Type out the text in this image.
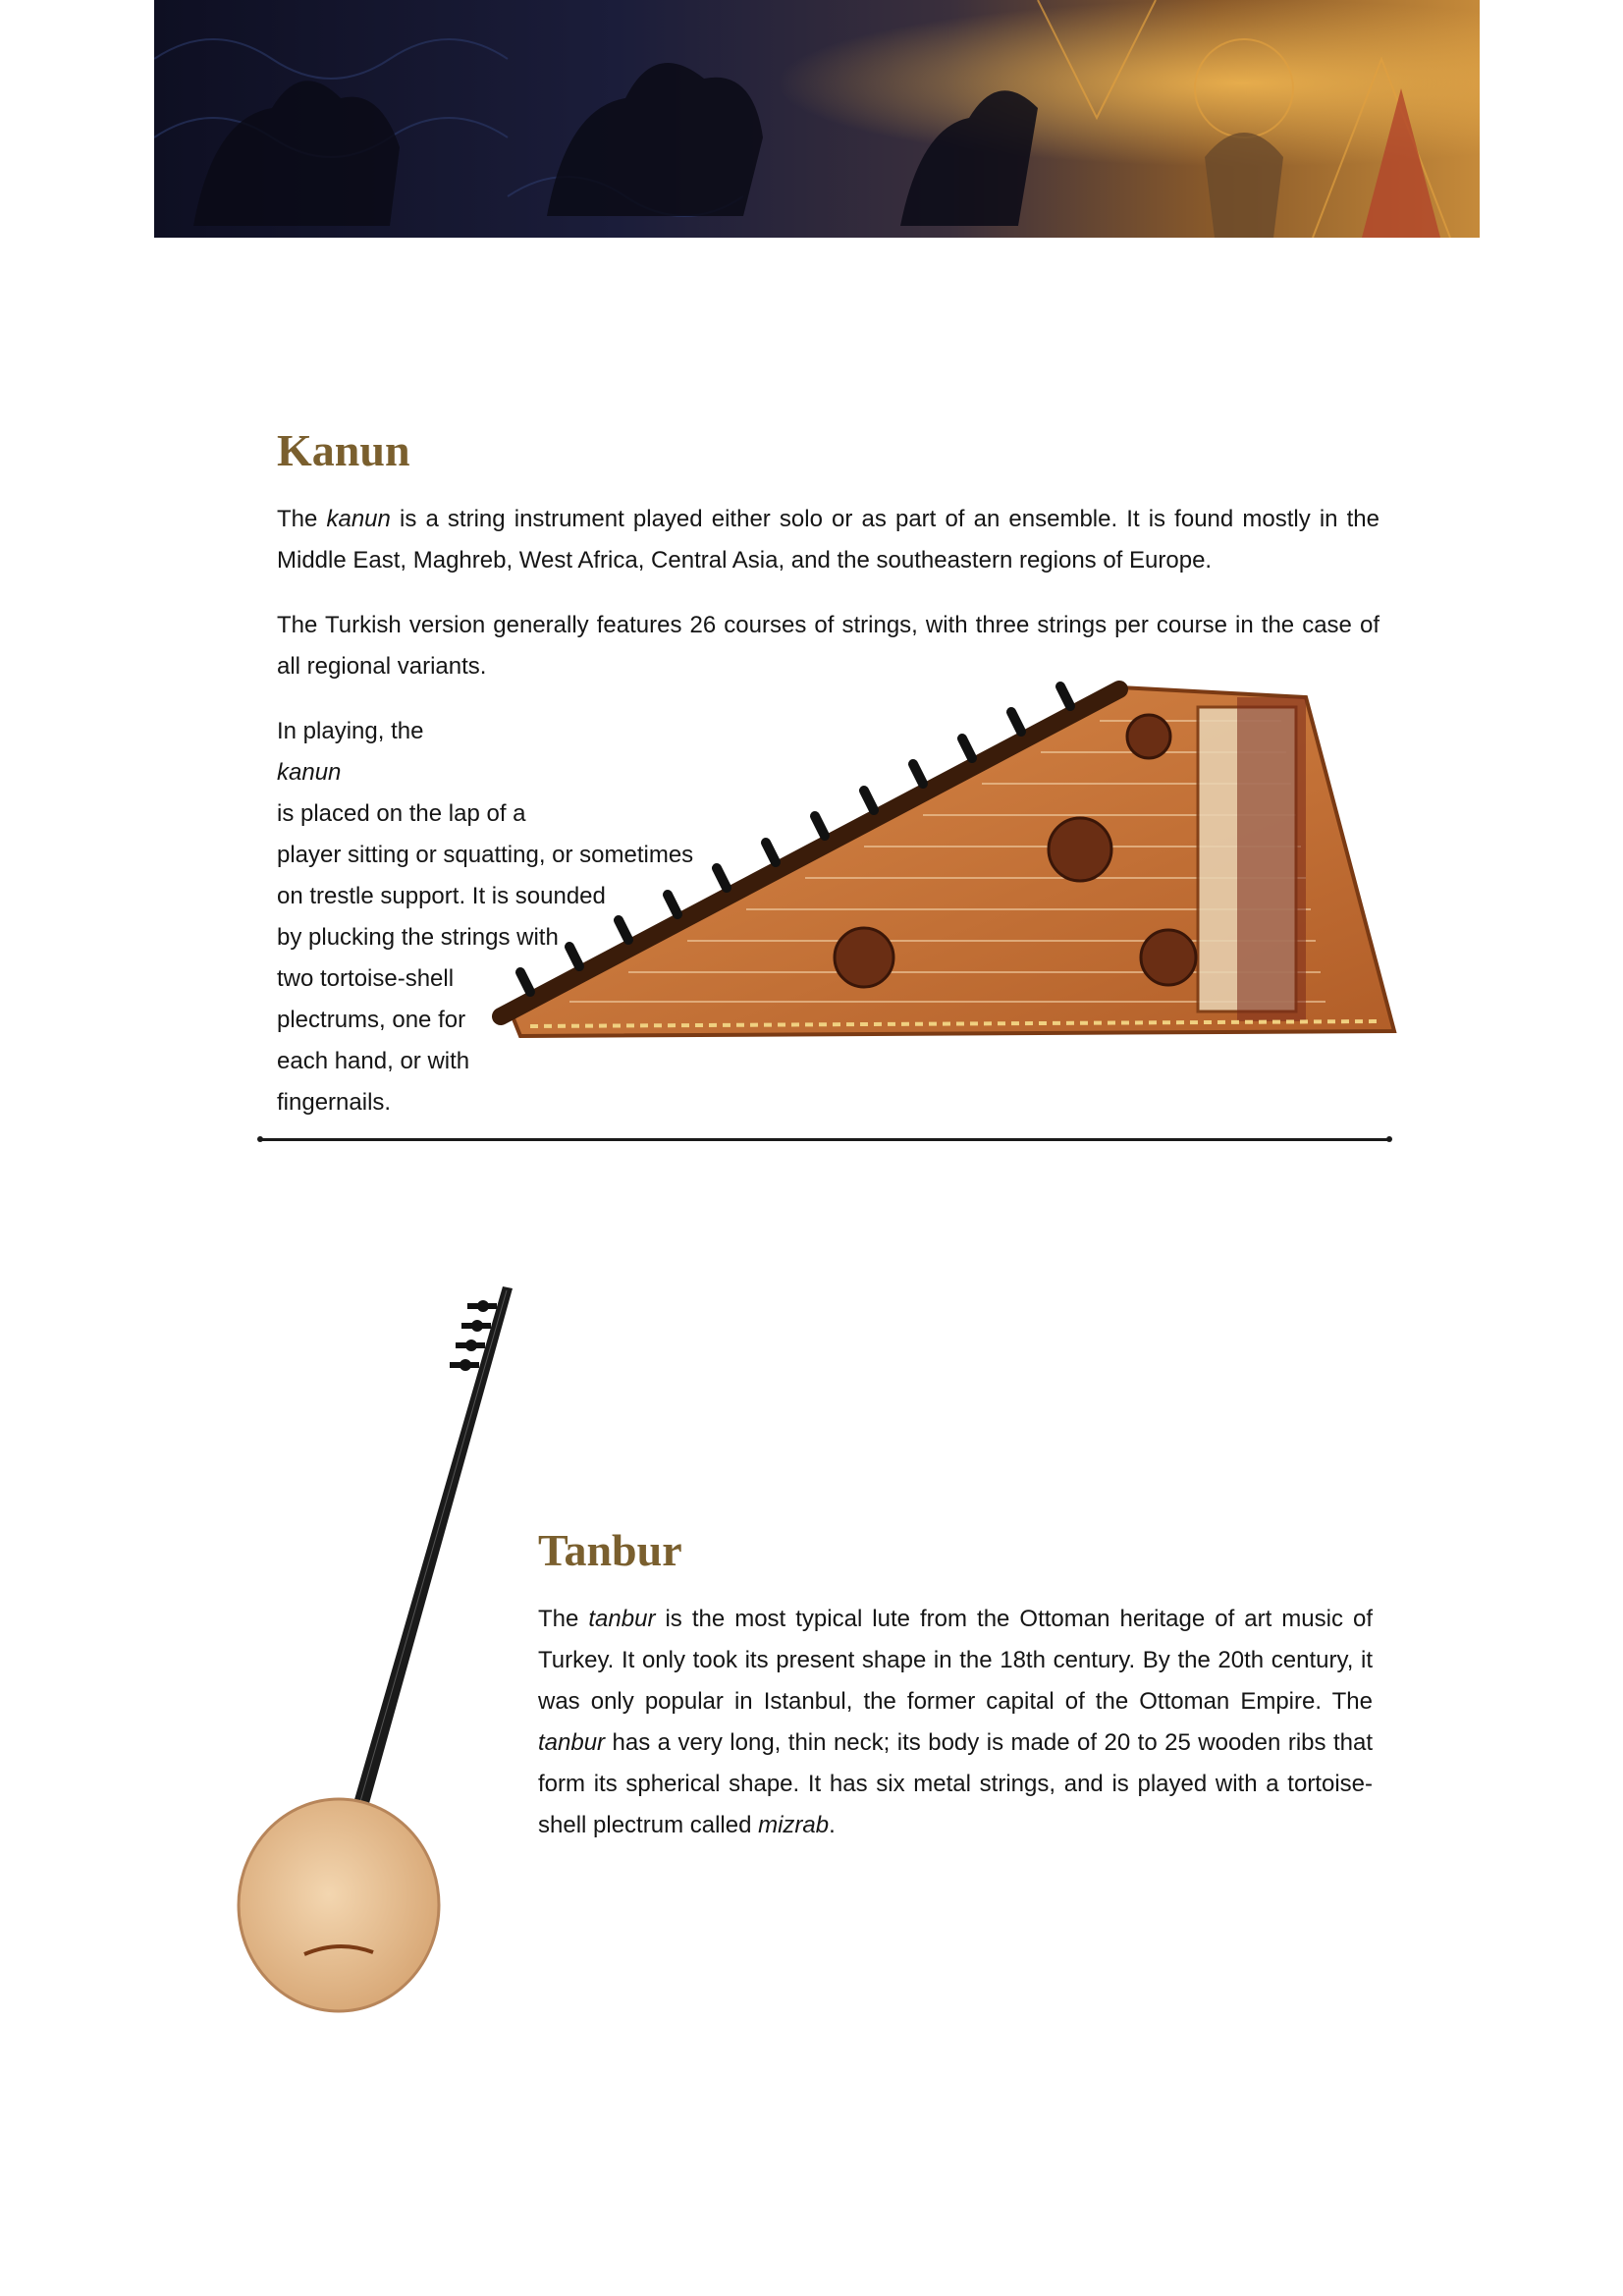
Kanun

The kanun is a string instrument played either solo or as part of an ensemble. It is found mostly in the Middle East, Maghreb, West Africa, Central Asia, and the southeastern regions of Europe.

The Turkish version generally features 26 courses of strings, with three strings per course in the case of all regional variants.

In playing, the
kanun
is placed on the lap of a
player sitting or squatting, or sometimes
on trestle support. It is sounded
by plucking the strings with
two tortoise-shell
plectrums, one for
each hand, or with
fingernails.

Tanbur

The tanbur is the most typical lute from the Ottoman heritage of art music of Turkey. It only took its present shape in the 18th century. By the 20th century, it was only popular in Istanbul, the former capital of the Ottoman Empire. The tanbur has a very long, thin neck; its body is made of 20 to 25 wooden ribs that form its spherical shape. It has six metal strings, and is played with a tortoise-shell plectrum called mizrab.
